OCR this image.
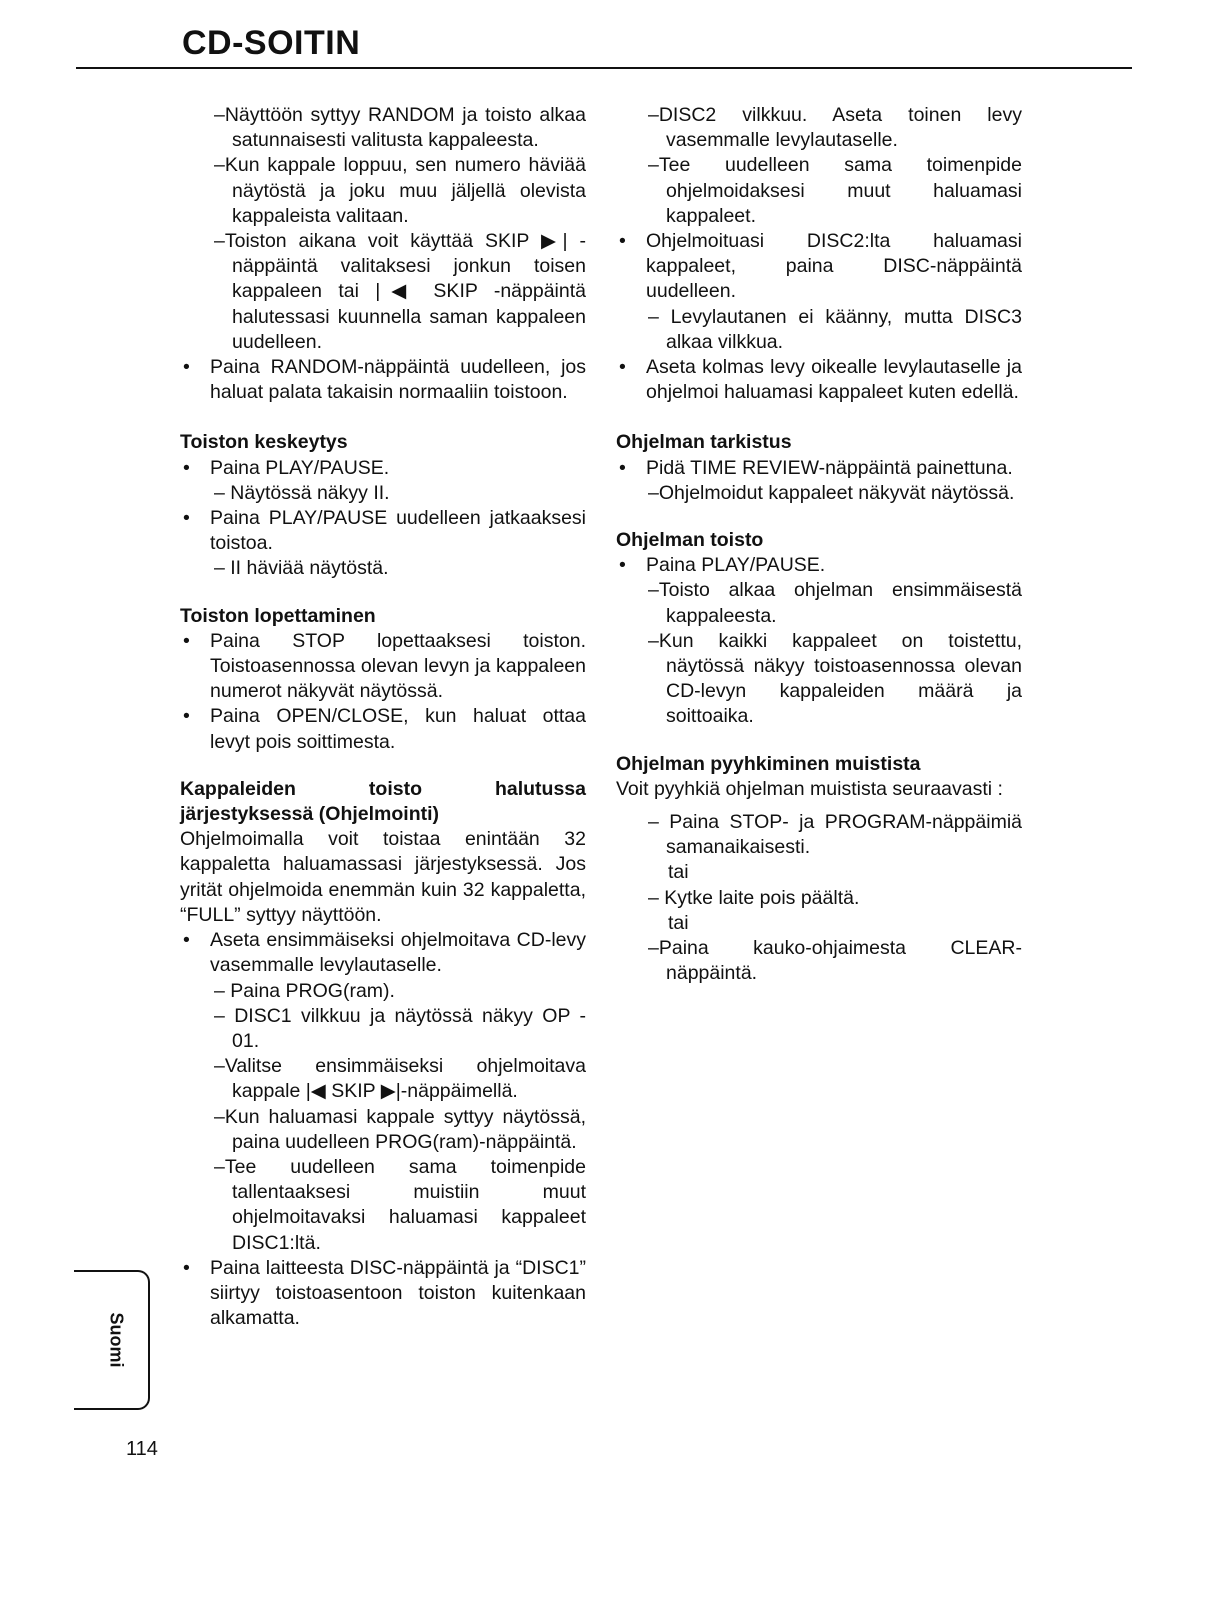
CD-SOITIN
–Näyttöön syttyy RANDOM ja toisto alkaa satunnaisesti valitusta kappaleesta.
–Kun kappale loppuu, sen numero häviää näytöstä ja joku muu jäljellä olevista kappaleista valitaan.
–Toiston aikana voit käyttää SKIP ▶| -näppäintä valitaksesi jonkun toisen kappaleen tai |◀ SKIP -näppäintä halutessasi kuunnella saman kappaleen uudelleen.
• Paina RANDOM-näppäintä uudelleen, jos haluat palata takaisin normaaliin toistoon.
Toiston keskeytys
• Paina PLAY/PAUSE.
– Näytössä näkyy II.
• Paina PLAY/PAUSE uudelleen jatkaaksesi toistoa.
– II häviää näytöstä.
Toiston lopettaminen
• Paina STOP lopettaaksesi toiston. Toistoasennossa olevan levyn ja kappaleen numerot näkyvät näytössä.
• Paina OPEN/CLOSE, kun haluat ottaa levyt pois soittimesta.
Kappaleiden toisto halutussa järjestyksessä (Ohjelmointi)
Ohjelmoimalla voit toistaa enintään 32 kappaletta haluamassasi järjestyksessä. Jos yrität ohjelmoida enemmän kuin 32 kappaletta, “FULL” syttyy näyttöön.
• Aseta ensimmäiseksi ohjelmoitava CD-levy vasemmalle levylautaselle.
– Paina PROG(ram).
– DISC1 vilkkuu ja näytössä näkyy OP - 01.
–Valitse ensimmäiseksi ohjelmoitava kappale |◀ SKIP ▶|-näppäimellä.
–Kun haluamasi kappale syttyy näytössä, paina uudelleen PROG(ram)-näppäintä.
–Tee uudelleen sama toimenpide tallentaaksesi muistiin muut ohjelmoitavaksi haluamasi kappaleet DISC1:ltä.
• Paina laitteesta DISC-näppäintä ja “DISC1” siirtyy toistoasentoon toiston kuitenkaan alkamatta.
–DISC2 vilkkuu. Aseta toinen levy vasemmalle levylautaselle.
–Tee uudelleen sama toimenpide ohjelmoidaksesi muut haluamasi kappaleet.
• Ohjelmoituasi DISC2:lta haluamasi kappaleet, paina DISC-näppäintä uudelleen.
– Levylautanen ei käänny, mutta DISC3 alkaa vilkkua.
• Aseta kolmas levy oikealle levylautaselle ja ohjelmoi haluamasi kappaleet kuten edellä.
Ohjelman tarkistus
• Pidä TIME REVIEW-näppäintä painettuna.
–Ohjelmoidut kappaleet näkyvät näytössä.
Ohjelman toisto
• Paina PLAY/PAUSE.
–Toisto alkaa ohjelman ensimmäisestä kappaleesta.
–Kun kaikki kappaleet on toistettu, näytössä näkyy toistoasennossa olevan CD-levyn kappaleiden määrä ja soittoaika.
Ohjelman pyyhkiminen muistista
Voit pyyhkiä ohjelman muistista seuraavasti :
– Paina STOP- ja PROGRAM-näppäimiä samanaikaisesti.
tai
– Kytke laite pois päältä.
tai
–Paina kauko-ohjaimesta CLEAR-näppäintä.
Suomi
114
